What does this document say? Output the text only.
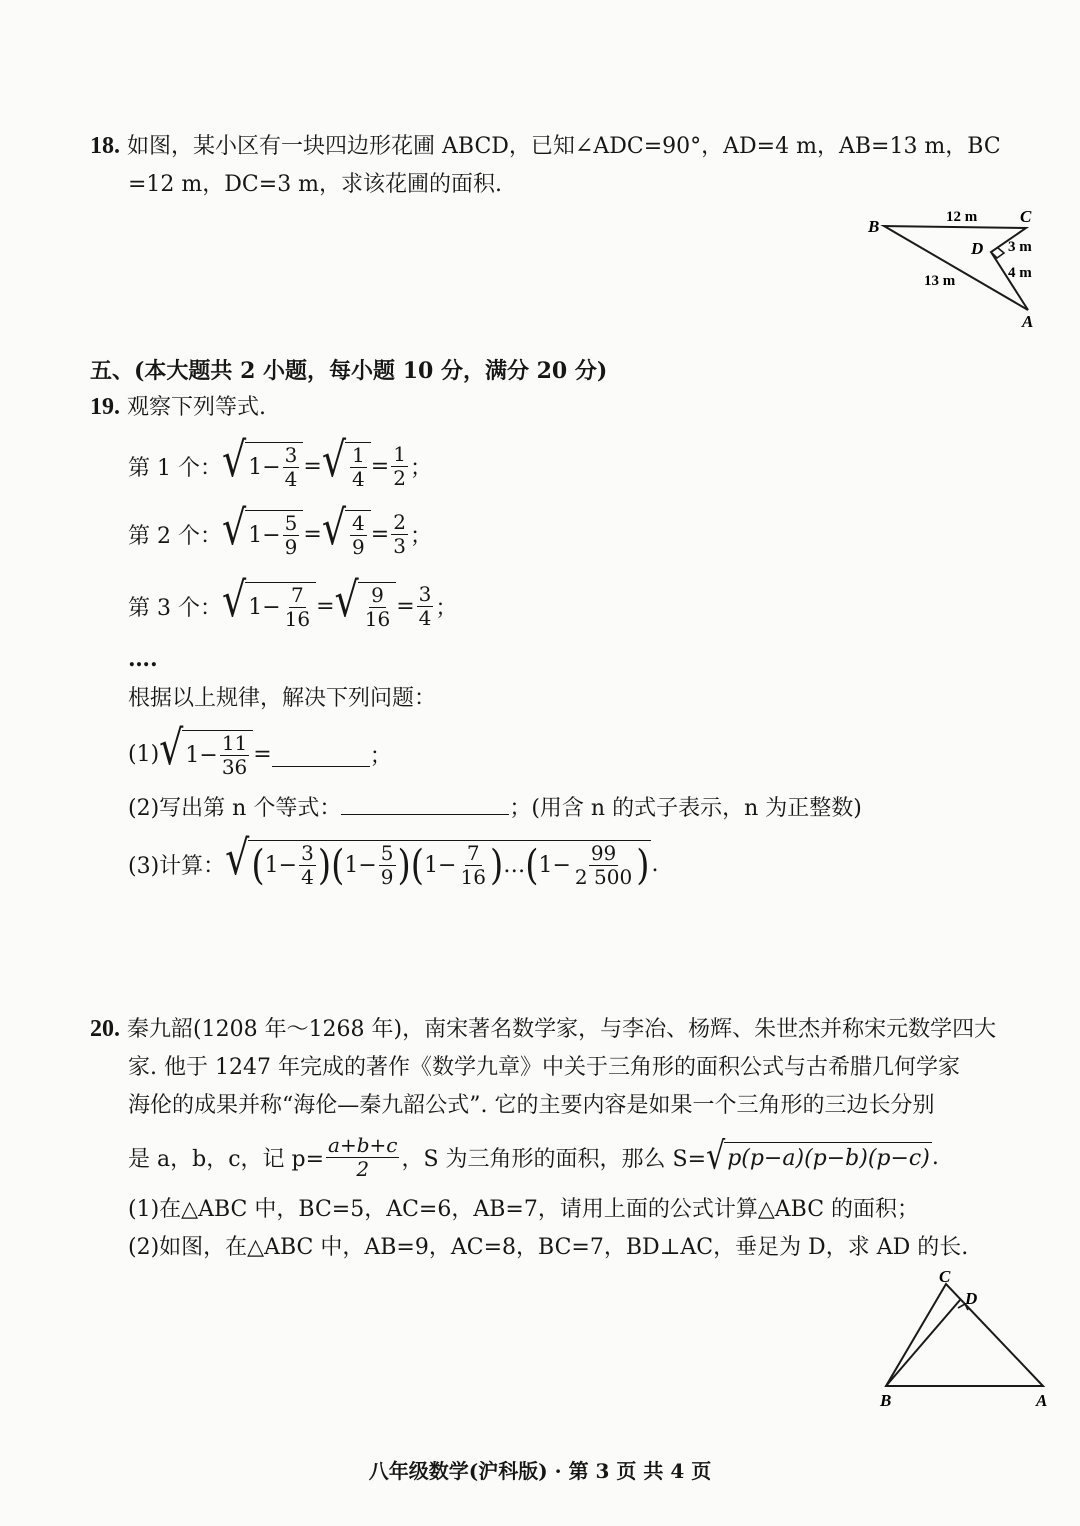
18. 如图，某小区有一块四边形花圃 ABCD，已知∠ADC=90°，AD=4 m，AB=13 m，BC
=12 m，DC=3 m，求该花圃的面积.
B
C
D
A
12 m
3 m
4 m
13 m
五、(本大题共 2 小题，每小题 10 分，满分 20 分)
19. 观察下列等式.
第 1 个： √ $1- \frac{3}{4}$ = √ $\frac{1}{4} = \frac{1}{2}$ ；
第 2 个： √ $1- \frac{5}{9}$ = √ $\frac{4}{9} = \frac{2}{3}$ ；
第 3 个： √ $1- \frac{7}{16}$ = √ $\frac{9}{16} = \frac{3}{4}$ ；
….
根据以上规律，解决下列问题：
(1) √ $1- \frac{11}{36}$ =	；
(2)写出第 n 个等式：	；(用含 n 的式子表示，n 为正整数)
(3)计算： √ ( $1- \frac{3}{4}$ ) ( $1- \frac{5}{9}$ ) ( $1- \frac{7}{16}$ ) … ( $1- \frac{99}{2 500}$ ) .
20. 秦九韶(1208 年～1268 年)，南宋著名数学家，与李冶、杨辉、朱世杰并称宋元数学四大
家. 他于 1247 年完成的著作《数学九章》中关于三角形的面积公式与古希腊几何学家
海伦的成果并称“海伦—秦九韶公式”. 它的主要内容是如果一个三角形的三边长分别
是 a，b，c，记 $p= \frac{a+b+c}{2}$ ，S 为三角形的面积，那么 S= √ p(p−a)(p−b)(p−c) .
(1)在△ABC 中，BC=5，AC=6，AB=7，请用上面的公式计算△ABC 的面积；
(2)如图，在△ABC 中，AB=9，AC=8，BC=7，BD⊥AC，垂足为 D，求 AD 的长.
C
D
B	A
八年级数学(沪科版) · 第 3 页 共 4 页
